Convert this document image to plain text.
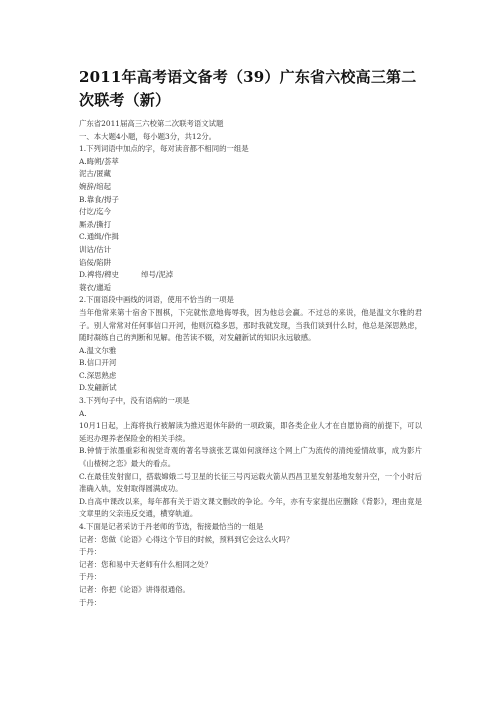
2011年高考语文备考（39）广东省六校高三第二次联考（新）
广东省2011届高三六校第二次联考语文试题
一、本大题4小题，每小题3分，共12分。
1.下列词语中加点的字，每对读音都不相同的一组是
A.晦朔/荟萃
泥古/匿藏
婉辞/绾起
B.靠食/拇子
付讫/迄今
厮杀/撕打
C.通缉/作揖
训诂/估计
谄佞/陷阱
D.裨将/稗史	绰号/泥淖
蓑衣/邋逅
2.下面语段中画线的词语，使用不恰当的一项是
当年他常来第十宿舍下围棋，下完就怅意地侮辱我，因为他总会赢。不过总的来说，他是温文尔雅的君子。别人常常对任何事信口开河，他则沉稳多思，那时我就发现，当我们谈到什么时，他总是深思熟虑，随时凝练自己的判断和见解。他苦读不辍，对发翩新试的知识永远敏感。
A.温文尔雅
B.信口开河
C.深思熟虑
D.发翩新试
3.下列句子中，没有语病的一项是
A.
10月1日起，上海将执行被解读为推迟退休年龄的一项政策，即各类企业人才在自愿协商的前提下，可以延迟办理养老保险金的相关手续。
B.钟情于浓墨重彩和视觉奇观的著名导演张艺谋如何演绎这个网上广为流传的清纯爱情故事，成为影片《山楂树之恋》最大的看点。
C.在最佳发射窗口，搭载嫦娥二号卫星的长征三号丙运载火箭从西昌卫星发射基地发射升空，一个小时后准确入轨，发射取得圆满成功。
D.自高中课改以来，每年都有关于语文课文删改的争论。今年，亦有专家提出应删除《背影》，理由竟是文章里的父亲违反交通，横穿轨道。
4.下面是记者采访于丹老师的节选，衔接最恰当的一组是
记者：您做《论语》心得这个节目的时候，预料到它会这么火吗？
于丹：
记者：您和易中天老师有什么相同之处？
于丹：
记者：你把《论语》讲得很通俗。
于丹：
